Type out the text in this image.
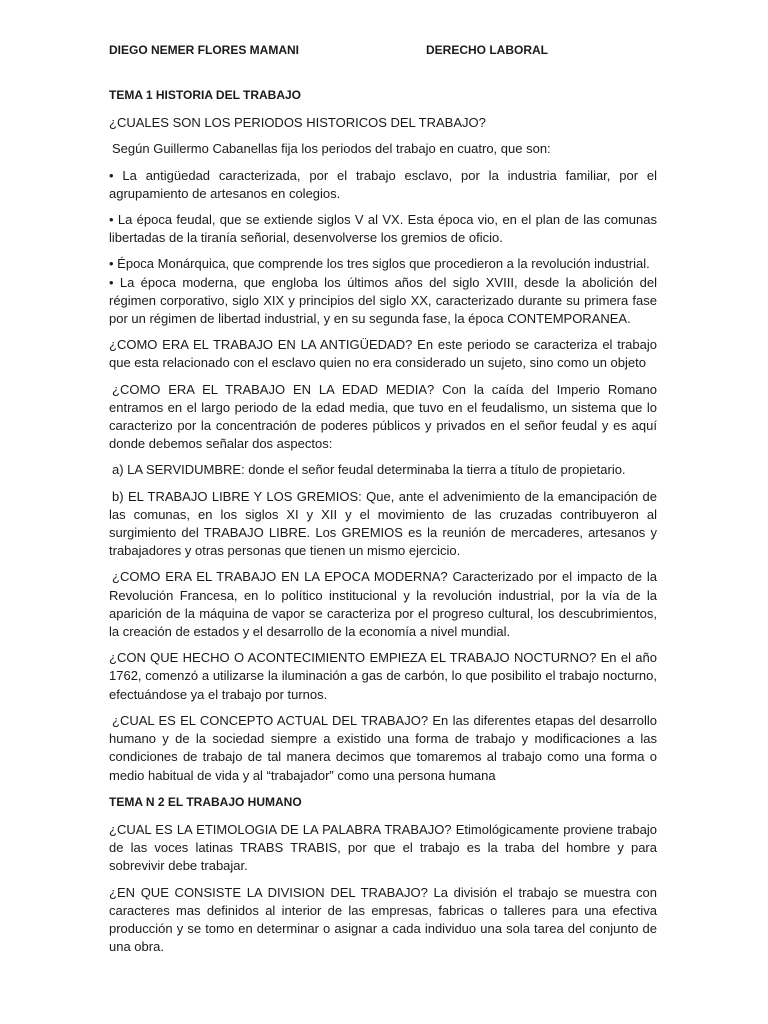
DIEGO NEMER FLORES MAMANI	DERECHO LABORAL

TEMA 1 HISTORIA DEL TRABAJO

¿CUALES SON LOS PERIODOS HISTORICOS DEL TRABAJO?

Según Guillermo Cabanellas fija los periodos del trabajo en cuatro, que son:

• La antigüedad caracterizada, por el trabajo esclavo, por la industria familiar, por el agrupamiento de artesanos en colegios.

• La época feudal, que se extiende siglos V al VX. Esta época vio, en el plan de las comunas libertadas de la tiranía señorial, desenvolverse los gremios de oficio.

• Época Monárquica, que comprende los tres siglos que procedieron a la revolución industrial.

• La época moderna, que engloba los últimos años del siglo XVIII, desde la abolición del régimen corporativo, siglo XIX y principios del siglo XX, caracterizado durante su primera fase por un régimen de libertad industrial, y en su segunda fase, la época CONTEMPORANEA.

¿COMO ERA EL TRABAJO EN LA ANTIGÜEDAD? En este periodo se caracteriza el trabajo que esta relacionado con el esclavo quien no era considerado un sujeto, sino como un objeto

¿COMO ERA EL TRABAJO EN LA EDAD MEDIA? Con la caída del Imperio Romano entramos en el largo periodo de la edad media, que tuvo en el feudalismo, un sistema que lo caracterizo por la concentración de poderes públicos y privados en el señor feudal y es aquí donde debemos señalar dos aspectos:

a) LA SERVIDUMBRE: donde el señor feudal determinaba la tierra a título de propietario.

b) EL TRABAJO LIBRE Y LOS GREMIOS: Que, ante el advenimiento de la emancipación de las comunas, en los siglos XI y XII y el movimiento de las cruzadas contribuyeron al surgimiento del TRABAJO LIBRE. Los GREMIOS es la reunión de mercaderes, artesanos y trabajadores y otras personas que tienen un mismo ejercicio.

¿COMO ERA EL TRABAJO EN LA EPOCA MODERNA? Caracterizado por el impacto de la Revolución Francesa, en lo político instituciona​l y la revolución industrial, por la vía de la aparición de la máquina de vapor se caracteriza por el progreso cultural, los descubrimientos, la creación de estados y el desarrollo de la economía a nivel mundial.

¿CON QUE HECHO O ACONTECIMIENTO EMPIEZA EL TRABAJO NOCTURNO? En el año 1762, comenzó a utilizarse la iluminación a gas de carbón, lo que posibilito el trabajo nocturno, efectuándose ya el trabajo por turnos.

¿CUAL ES EL CONCEPTO ACTUAL DEL TRABAJO? En las diferentes etapas del desarrollo humano y de la sociedad siempre a existido una forma de trabajo y modificaciones a las condiciones de trabajo de tal manera decimos que tomaremos al trabajo como una forma o medio habitual de vida y al “trabajador” como una persona humana

TEMA N 2 EL TRABAJO HUMANO

¿CUAL ES LA ETIMOLOGIA DE LA PALABRA TRABAJO? Etimológicamente proviene trabajo de las voces latinas TRABS TRABIS, por que el trabajo es la traba del hombre y para sobrevivir debe trabajar.

¿EN QUE CONSISTE LA DIVISION DEL TRABAJO? La división el trabajo se muestra con caracteres mas definidos al interior de las empresas, fabricas o talleres para una efectiva producción y se tomo en determinar o asignar a cada individuo una sola tarea del conjunto de una obra.
